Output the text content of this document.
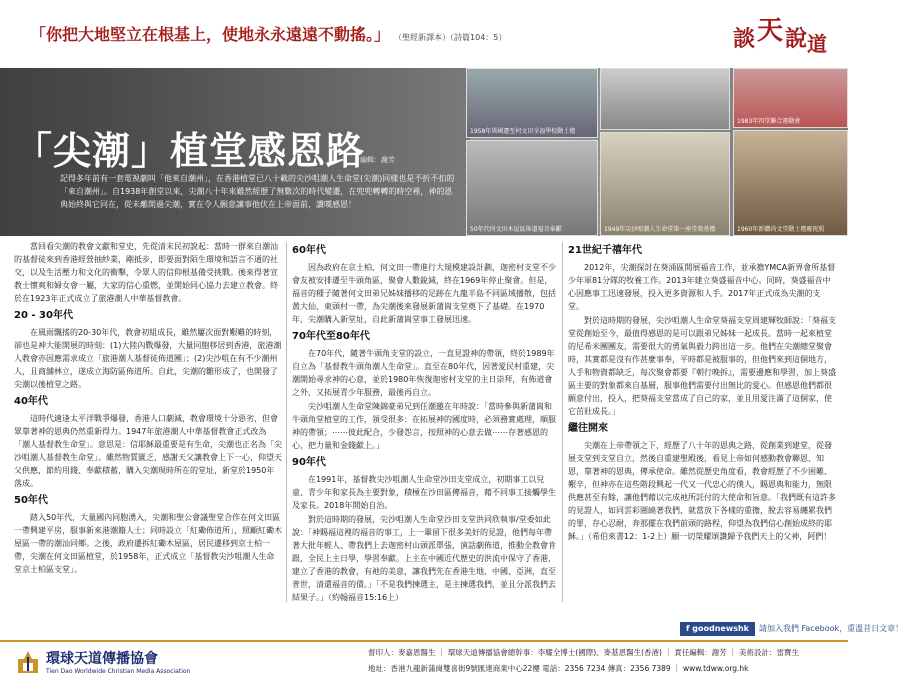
「你把大地堅立在根基上，使地永永遠遠不動搖。」 （聖經新譯本）（詩篇104：5）	談 天 說 道
1958年異國遷至何文田全福學校動土禮
1983年四堂聯合運動會
50年代何文田木屋區佈道福音奉獻	1949年尖沙咀潮人生命堂第一座堂奠基禮	1960年新購尚文堂動土禮慶祝照
「尖潮」植堂感恩路
編輯：謝芳
記得多年前有一套電視劇叫「他來自潮州」，在香港植堂已八十載的尖沙咀潮人生命堂(尖潮)同樣也是不折不扣的「來自潮州」。自1938年創堂以來，尖潮八十年來雖然經歷了無數次的時代變遷，在兜兜轉轉的時空裡，神的恩典始終與它同在，從未離開過尖潮，實在令人願意讓事他伏在上帝面前，讚嘆感恩！

當回看尖潮的教會文獻和堂史，先從清末民初說起：當時一群來自潮汕的基督徒來到香港經營抽紗業，剛抵步，即要面對陌生環境和語言不通的社交，以及生活壓力和文化的衝擊，令眾人的信仰根基備受挑戰。後來得著宣教士懷爽和婦女會一屬，大家的信心重燃，並開始同心協力去建立教會。終於在1923年正式成立了旅港潮人中華基督教會。

20 - 30年代

在風雨飄搖的20-30年代，教會初組成長，雖然屢次面對艱難的時刻，卻也是神大能開展的時刻：(1)大陸內戰爆發，大量同胞移居到香港，旅港潮人教會亦因應需求成立「旅港潮人基督徒佈道團」；(2)尖沙咀在有不少潮州人，且商舖林立，遂成立海防區佈道所。自此，尖潮的雛形成了，也開發了尖潮以後植堂之路。

40年代

這時代適逢太平洋戰爭爆發，香港人口劇減，教會環境十分惡劣，但會眾靠著神的恩典仍然重新得力。1947年旅港潮人中華基督教會正式改為「潮人基督教生命堂」。意思是：信耶穌最重要是有生命，尖潮也正名為「尖沙咀潮人基督教生命堂」。雖然物質匱乏，感謝天父讓教會上下一心，仰望天父供應，節約用錢、奉獻積蓄，購入尖潮現時所在的堂址，新堂於1950年落成。

50年代

踏入50年代，大量國內同胞湧入，尖潮和聖公會議聖堂合作在何文田區一帶興建平房，服事新來港潮籍人士；同時設立「紅磡佈道所」，照顧紅磡木屋區一帶的潮汕同鄉。之後，政府遷拆紅磡木屋區，居民遷移到京士柏一帶，尖潮在何文田區植堂，於1958年，正式成立「基督教尖沙咀潮人生命堂京士柏區支堂」。

60年代

因為政府在京士柏、何文田一帶進行大規模建設計劃，迦密村支堂不少會友被安排遷至牛頭角區，聚會人數銳減，終在1969年停止聚會。但是，福音的種子隨著何文田弟兄姊妹播移的足跡在九龍半島不同區域播散，包括黃大仙、東頭村一帶，為尖潮後來發展新蒲崗支堂奠下了基礎。在1970年，尖潮購入新堂址，自此新蒲崗堂事工發展迅速。

70年代至80年代

在70年代，隨著牛頭角支堂的設立，一直見證神的帶領，終於1989年自立為「基督教牛頭角潮人生命堂」。直至在80年代，因著愛民村重建，尖潮開始尋求神的心意，並於1980年恢復迦密村支堂的主日崇拜，有佈道會之外，又拓展青少年服務，最後再自立。

尖沙咀潮人生命堂陳錦豪弟兄到任潮邀在年時說：「當時參與新蒲崗和牛頭角堂植堂的工作，領受很多：在拓展神的國度時，必須務實處理，順服神的帶領；⋯⋯彼此配合，少發怨言，按照神的心意去做⋯⋯存著感恩的心，把力量和金錢獻上。」

90年代

在1991年，基督教尖沙咀潮人生命堂沙田支堂成立，初期事工以兒童、青少年和家長為主要對象，積極在沙田區傳福音，藉不同事工接觸學生及家長。2018年開始自治。

對於這時期的發展，尖沙咀潮人生命堂沙田支堂洪同欣執事/堂委如此說：「神賜福這裡的福音的事工，上一輩留下很多美好的見證，他們每年帶著大批年輕人、帶我們上去迦密村山頭派單張，演話劇佈道，推動全教會肯跟、全民上主日學，學習奉獻。上主在中國近代歷史的洪流中保守了香港，建立了香港的教會，有祂的美意，讓我們先在香港生地、中國、亞洲，直至普世，清還福音的債。」「不是我們揀選主，是主揀選我們，並且分派我們去結果子。」（約翰福音15:16上）

21世紀千禧年代

2012年，尖潮探討在葵涌區開展福音工作，並承擔YMCA新界會所基督少年軍81分隊的牧養工作。2013年建立葵盛福音中心。同時，葵盛福音中心因應事工迅速發展，投入更多資源和人手。2017年正式成為尖潮的支堂。

對於這時期的發展，尖沙咀潮人生命堂葵福支堂周建輝牧師說：「葵福支堂從創始至今，最值得感恩的是可以跟弟兄姊妹一起成長。當時一起來植堂的尼希米團團友，需要很大的勇氣與毅力跨出這一步。他們在尖潮總堂聚會時，其實都是沒有作甚麼事奉，平時都是被服事的，但他們來到這個地方，人手和物資都缺乏，每次聚會都要『朝行晚拆』，需要邊應和學習，加上葵盛區主要的對象都來自基層，服事他們需要付出無比的愛心。但感恩他們都很願意付出，投入，把葵福支堂當成了自己的家，並且用愛注滿了這個家，使它茁壯成長。」

繼往開來

尖潮在上帝帶領之下，經歷了八十年的恩典之路，從創業到建堂，從發展支堂到支堂自立，然後自重建聖殿後，看見上帝如何感動教會聯恩、知恩，靠著神的恩典，傳承使命。雖然從歷史角度看，教會經歷了不少困難、艱辛，但神亦在這些階段興起一代又一代忠心的僕人，賜恩典和能力，無限供應甚至有餘，讓他們藉以完成祂所託付的大使命和旨意。「我們既有這許多的見證人，如同雲彩圍繞著我們，就當放下各樣的重擔，脫去容易纏累我們的罪，存心忍耐，奔那擺在我們前頭的路程，仰望為我們信心創始成終的耶穌。」（希伯來書12：1-2上）願一切榮耀頌讚歸予我們天上的父神，阿們！

f goodnewshk 請加入我們 Facebook，重溫昔日文章！
環球天道傳播協會
Tien Dao Worldwide Christian Media Association
督印人：麥嘉恩醫生 ｜ 環球天道傳播協會總幹事：李耀全博士(國際)、麥基恩醫生(香港) ｜ 責任編輯：謝芳 ｜ 美術設計：雷寶生
地址：香港九龍新蒲崗雙喜街9號匯達商業中心22樓 電話：2356 7234 傳真：2356 7389 ｜ www.tdww.org.hk
